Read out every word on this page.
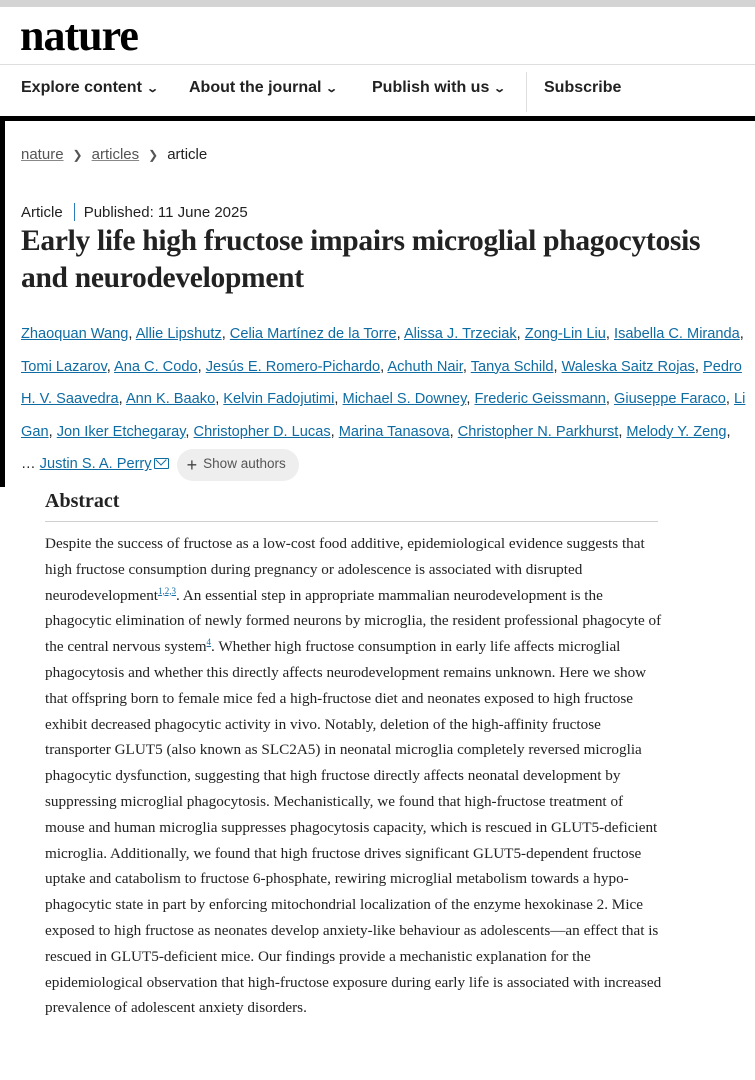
nature
Explore content ⌄ About the journal ⌄ Publish with us ⌄ Subscribe
nature ❯ articles ❯ article
Article Published: 11 June 2025
Early life high fructose impairs microglial phagocytosis and neurodevelopment
Zhaoquan Wang, Allie Lipshutz, Celia Martínez de la Torre, Alissa J. Trzeciak, Zong-Lin Liu, Isabella C. Miranda, Tomi Lazarov, Ana C. Codo, Jesús E. Romero-Pichardo, Achuth Nair, Tanya Schild, Waleska Saitz Rojas, Pedro H. V. Saavedra, Ann K. Baako, Kelvin Fadojutimi, Michael S. Downey, Frederic Geissmann, Giuseppe Faraco, Li Gan, Jon Iker Etchegaray, Christopher D. Lucas, Marina Tanasova, Christopher N. Parkhurst, Melody Y. Zeng, … Justin S. A. Perry + Show authors
Abstract

Despite the success of fructose as a low-cost food additive, epidemiological evidence suggests that high fructose consumption during pregnancy or adolescence is associated with disrupted neurodevelopment$^{1,2,3}$. An essential step in appropriate mammalian neurodevelopment is the phagocytic elimination of newly formed neurons by microglia, the resident professional phagocyte of the central nervous system$^4$. Whether high fructose consumption in early life affects microglial phagocytosis and whether this directly affects neurodevelopment remains unknown. Here we show that offspring born to female mice fed a high-fructose diet and neonates exposed to high fructose exhibit decreased phagocytic activity in vivo. Notably, deletion of the high-affinity fructose transporter GLUT5 (also known as SLC2A5) in neonatal microglia completely reversed microglia phagocytic dysfunction, suggesting that high fructose directly affects neonatal development by suppressing microglial phagocytosis. Mechanistically, we found that high-fructose treatment of mouse and human microglia suppresses phagocytosis capacity, which is rescued in GLUT5-deficient microglia. Additionally, we found that high fructose drives significant GLUT5-dependent fructose uptake and catabolism to fructose 6-phosphate, rewiring microglial metabolism towards a hypo-phagocytic state in part by enforcing mitochondrial localization of the enzyme hexokinase 2. Mice exposed to high fructose as neonates develop anxiety-like behaviour as adolescents—an effect that is rescued in GLUT5-deficient mice. Our findings provide a mechanistic explanation for the epidemiological observation that high-fructose exposure during early life is associated with increased prevalence of adolescent anxiety disorders.
